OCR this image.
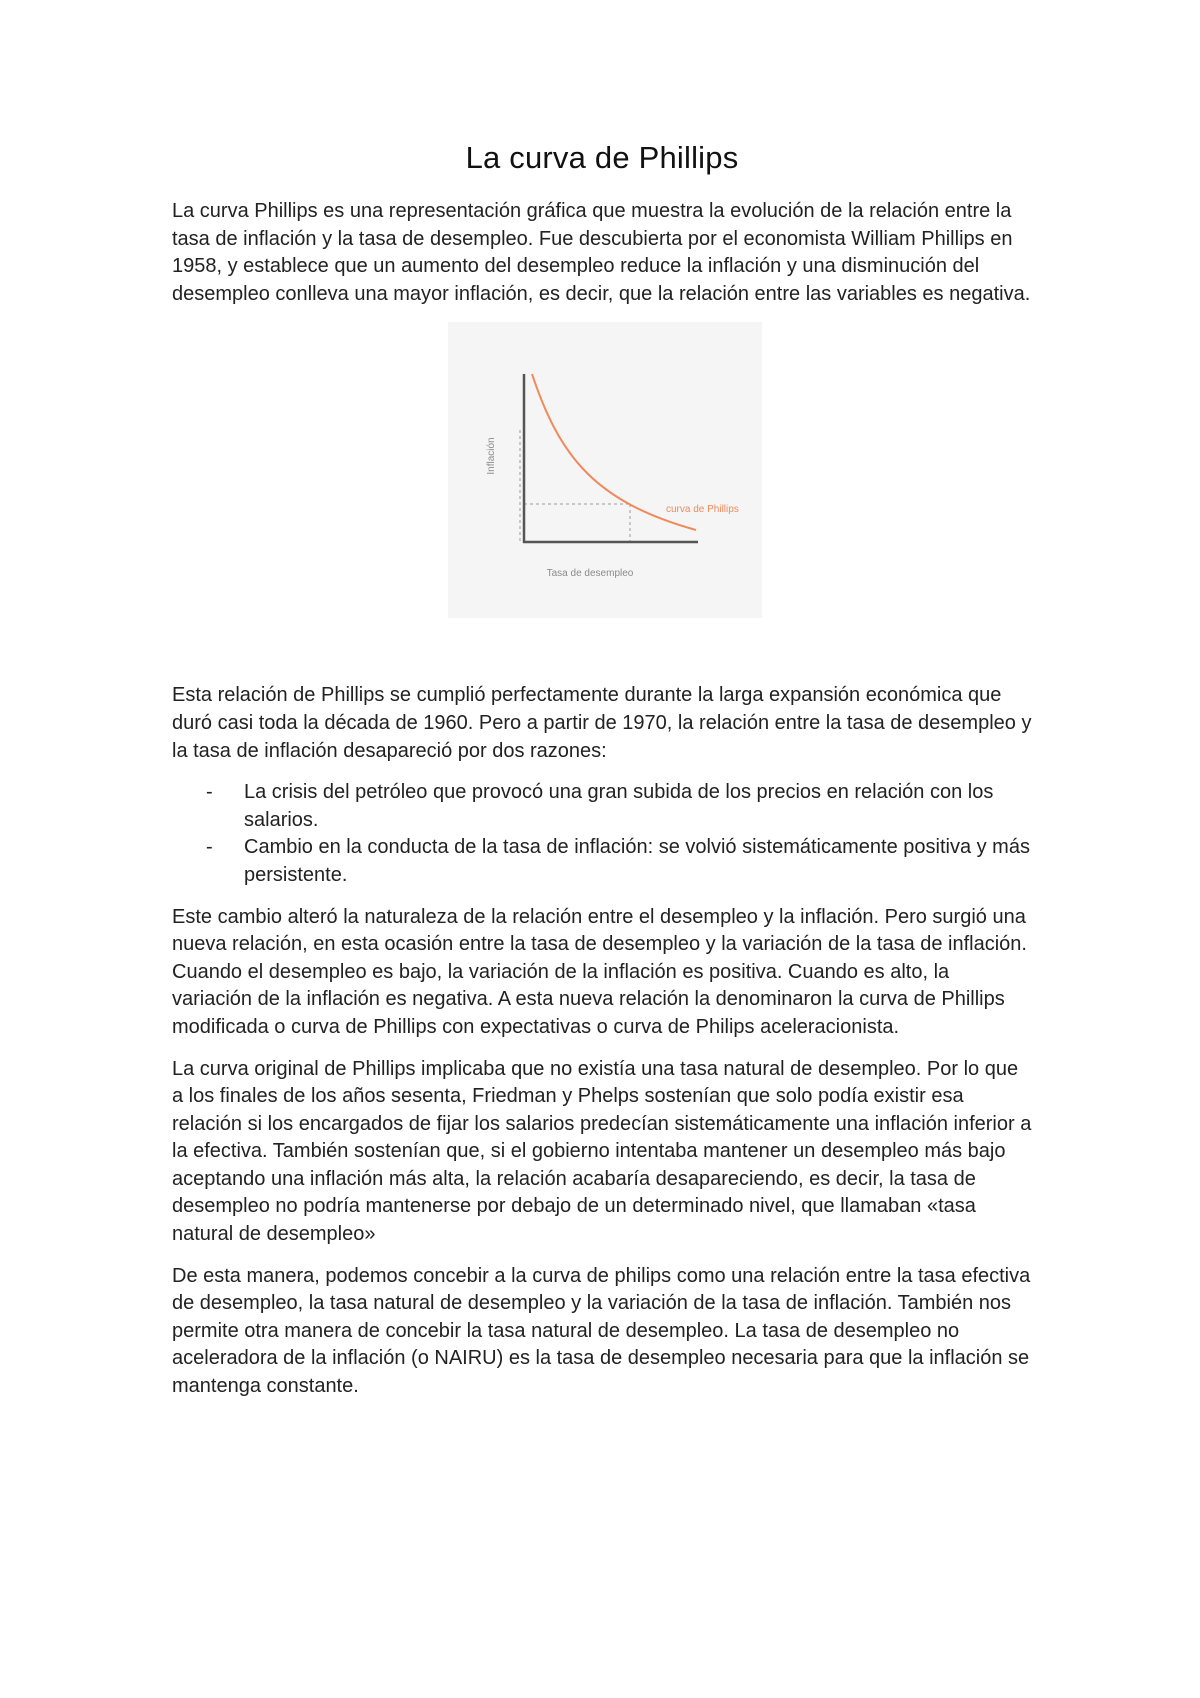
La curva de Phillips

La curva Phillips es una representación gráfica que muestra la evolución de la relación entre la tasa de inflación y la tasa de desempleo. Fue descubierta por el economista William Phillips en 1958, y establece que un aumento del desempleo reduce la inflación y una disminución del desempleo conlleva una mayor inflación, es decir, que la relación entre las variables es negativa.

Inflación
Tasa de desempleo
curva de Phillips

Esta relación de Phillips se cumplió perfectamente durante la larga expansión económica que duró casi toda la década de 1960. Pero a partir de 1970, la relación entre la tasa de desempleo y la tasa de inflación desapareció por dos razones:

- La crisis del petróleo que provocó una gran subida de los precios en relación con los salarios.
- Cambio en la conducta de la tasa de inflación: se volvió sistemáticamente positiva y más persistente.

Este cambio alteró la naturaleza de la relación entre el desempleo y la inflación. Pero surgió una nueva relación, en esta ocasión entre la tasa de desempleo y la variación de la tasa de inflación. Cuando el desempleo es bajo, la variación de la inflación es positiva. Cuando es alto, la variación de la inflación es negativa. A esta nueva relación la denominaron la curva de Phillips modificada o curva de Phillips con expectativas o curva de Philips aceleracionista.

La curva original de Phillips implicaba que no existía una tasa natural de desempleo. Por lo que a los finales de los años sesenta, Friedman y Phelps sostenían que solo podía existir esa relación si los encargados de fijar los salarios predecían sistemáticamente una inflación inferior a la efectiva. También sostenían que, si el gobierno intentaba mantener un desempleo más bajo aceptando una inflación más alta, la relación acabaría desapareciendo, es decir, la tasa de desempleo no podría mantenerse por debajo de un determinado nivel, que llamaban «tasa natural de desempleo»

De esta manera, podemos concebir a la curva de philips como una relación entre la tasa efectiva de desempleo, la tasa natural de desempleo y la variación de la tasa de inflación. También nos permite otra manera de concebir la tasa natural de desempleo. La tasa de desempleo no aceleradora de la inflación (o NAIRU) es la tasa de desempleo necesaria para que la inflación se mantenga constante.
